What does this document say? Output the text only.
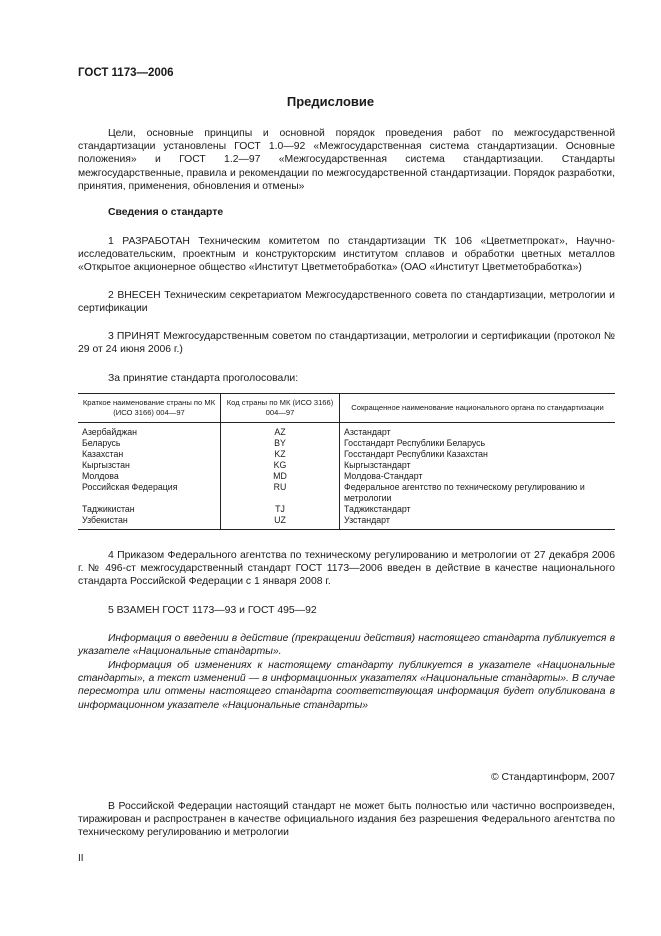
ГОСТ 1173—2006
Предисловие

Цели, основные принципы и основной порядок проведения работ по межгосударственной стандартизации установлены ГОСТ 1.0—92 «Межгосударственная система стандартизации. Основные положения» и ГОСТ 1.2—97 «Межгосударственная система стандартизации. Стандарты межгосударственные, правила и рекомендации по межгосударственной стандартизации. Порядок разработки, принятия, применения, обновления и отмены»

Сведения о стандарте

1 РАЗРАБОТАН Техническим комитетом по стандартизации ТК 106 «Цветметпрокат», Научно-исследовательским, проектным и конструкторским институтом сплавов и обработки цветных металлов «Открытое акционерное общество «Институт Цветметобработка» (ОАО «Институт Цветметобработка»)

2 ВНЕСЕН Техническим секретариатом Межгосударственного совета по стандартизации, метрологии и сертификации

3 ПРИНЯТ Межгосударственным советом по стандартизации, метрологии и сертификации (протокол № 29 от 24 июня 2006 г.)

За принятие стандарта проголосовали:

Краткое наименование страны по МК (ИСО 3166) 004—97	Код страны по МК (ИСО 3166) 004—97	Сокращенное наименование национального органа по стандартизации
Азербайджан	AZ	Азстандарт
Беларусь	BY	Госстандарт Республики Беларусь
Казахстан	KZ	Госстандарт Республики Казахстан
Кыргызстан	KG	Кыргызстандарт
Молдова	MD	Молдова-Стандарт
Российская Федерация	RU	Федеральное агентство по техническому регулированию и метрологии
Таджикистан	TJ	Таджикстандарт
Узбекистан	UZ	Узстандарт

4 Приказом Федерального агентства по техническому регулированию и метрологии от 27 декабря 2006 г. № 496-ст межгосударственный стандарт ГОСТ 1173—2006 введен в действие в качестве национального стандарта Российской Федерации с 1 января 2008 г.

5 ВЗАМЕН ГОСТ 1173—93 и ГОСТ 495—92

Информация о введении в действие (прекращении действия) настоящего стандарта публикуется в указателе «Национальные стандарты».

Информация об изменениях к настоящему стандарту публикуется в указателе «Национальные стандарты», а текст изменений — в информационных указателях «Национальные стандарты». В случае пересмотра или отмены настоящего стандарта соответствующая информация будет опубликована в информационном указателе «Национальные стандарты»

© Стандартинформ, 2007

В Российской Федерации настоящий стандарт не может быть полностью или частично воспроизведен, тиражирован и распространен в качестве официального издания без разрешения Федерального агентства по техническому регулированию и метрологии

II
